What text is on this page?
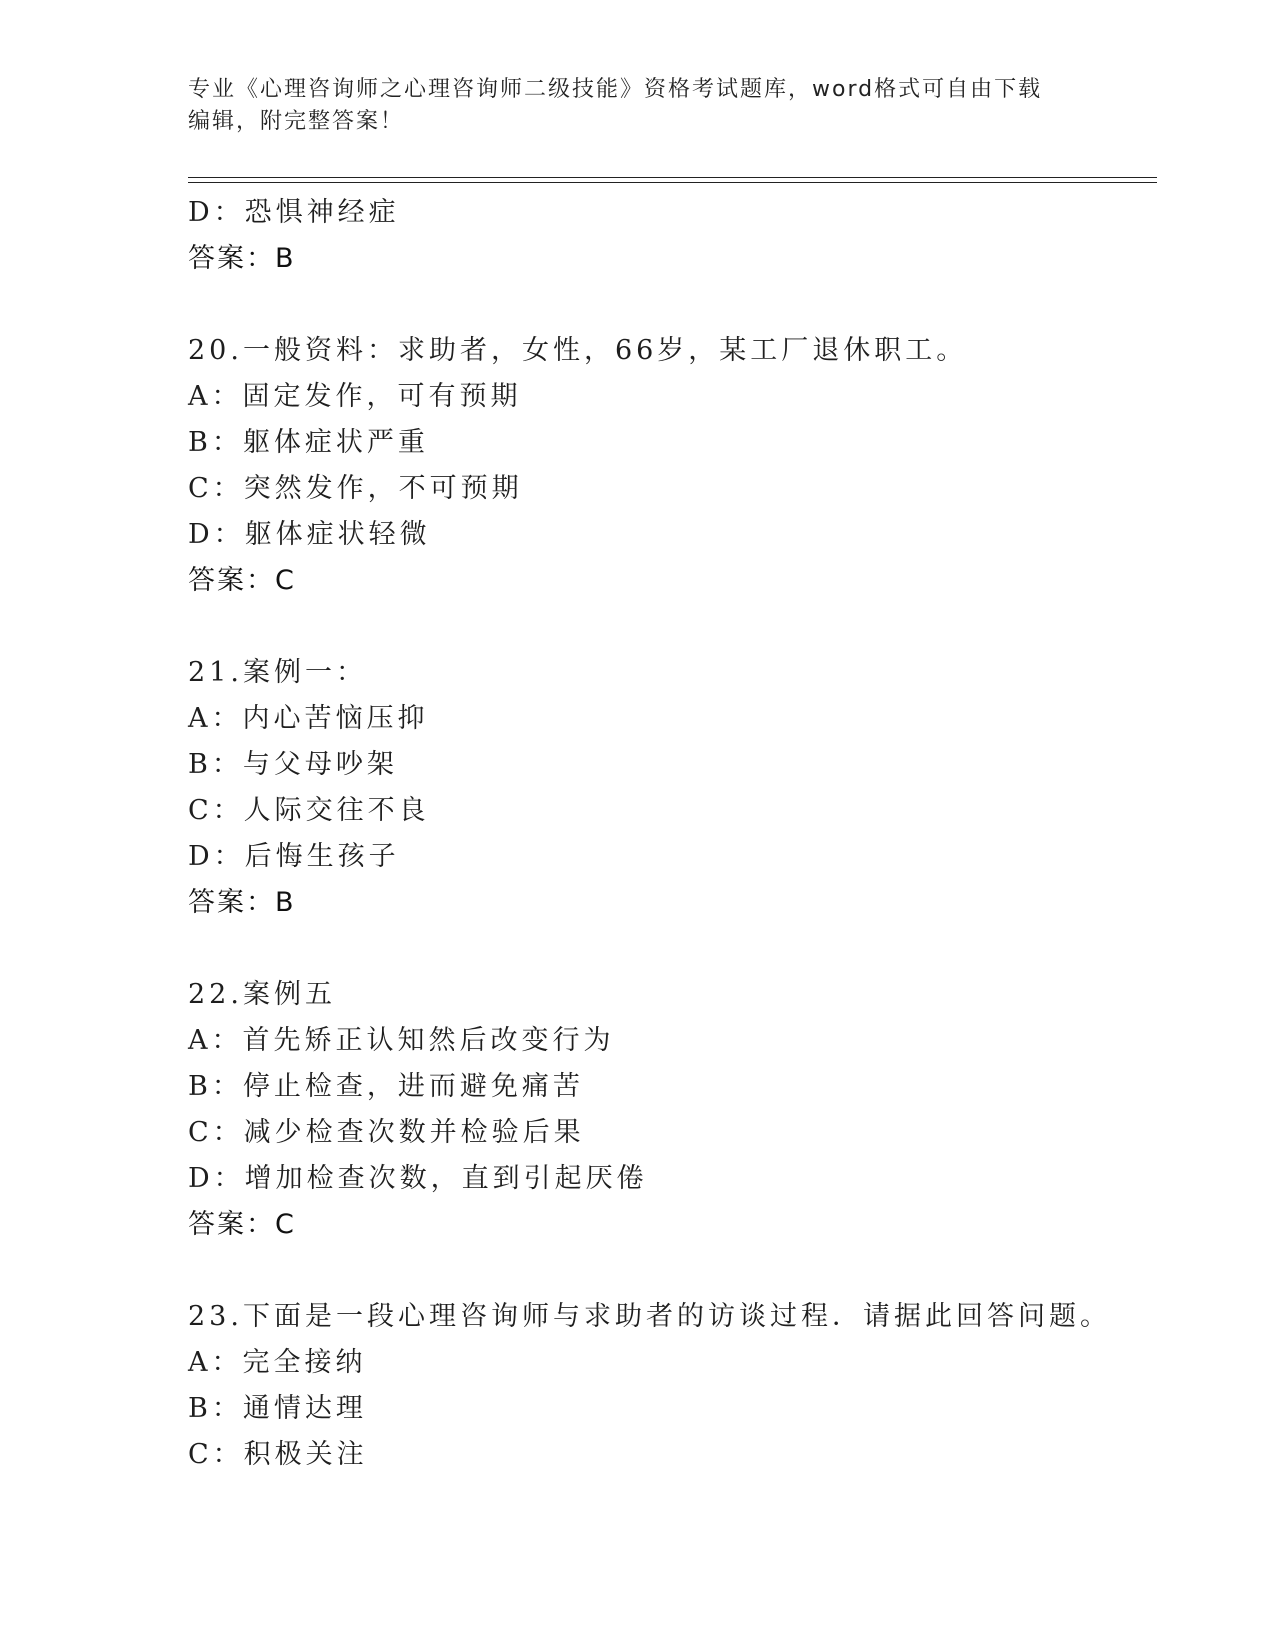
专业《心理咨询师之心理咨询师二级技能》资格考试题库，word格式可自由下载
编辑，附完整答案！
D：恐惧神经症
答案：B
20.一般资料：求助者，女性，66岁，某工厂退休职工。
A：固定发作，可有预期
B：躯体症状严重
C：突然发作，不可预期
D：躯体症状轻微
答案：C
21.案例一：
A：内心苦恼压抑
B：与父母吵架
C：人际交往不良
D：后悔生孩子
答案：B
22.案例五
A：首先矫正认知然后改变行为
B：停止检查，进而避免痛苦
C：减少检查次数并检验后果
D：增加检查次数，直到引起厌倦
答案：C
23.下面是一段心理咨询师与求助者的访谈过程．请据此回答问题。
A：完全接纳
B：通情达理
C：积极关注
